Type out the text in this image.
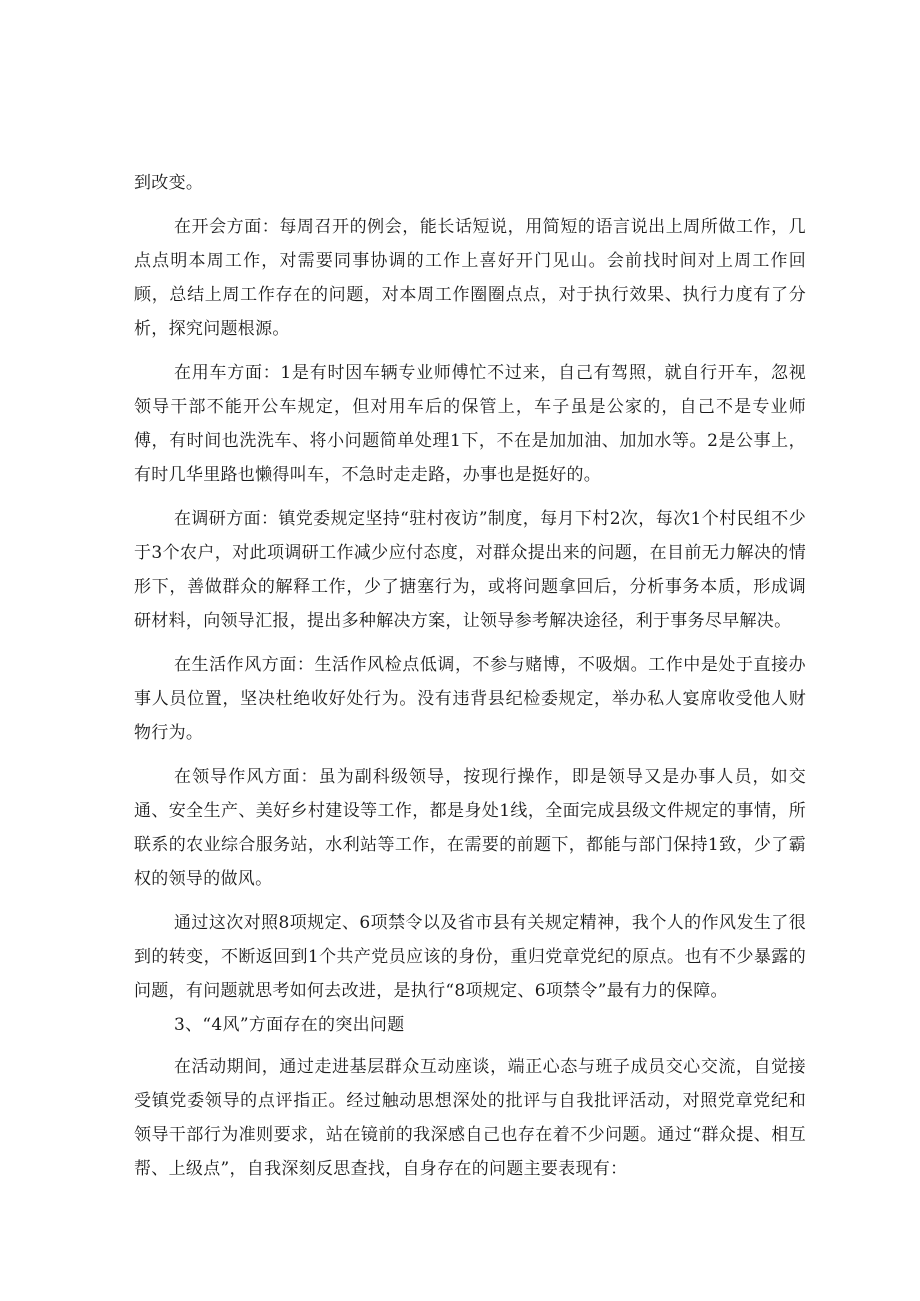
到改变。

在开会方面：每周召开的例会，能长话短说，用简短的语言说出上周所做工作，几点点明本周工作，对需要同事协调的工作上喜好开门见山。会前找时间对上周工作回顾，总结上周工作存在的问题，对本周工作圈圈点点，对于执行效果、执行力度有了分析，探究问题根源。

在用车方面：1是有时因车辆专业师傅忙不过来，自己有驾照，就自行开车，忽视领导干部不能开公车规定，但对用车后的保管上，车子虽是公家的，自己不是专业师傅，有时间也洗洗车、将小问题简单处理1下，不在是加加油、加加水等。2是公事上，有时几华里路也懒得叫车，不急时走走路，办事也是挺好的。

在调研方面：镇党委规定坚持“驻村夜访”制度，每月下村2次，每次1个村民组不少于3个农户，对此项调研工作减少应付态度，对群众提出来的问题，在目前无力解决的情形下，善做群众的解释工作，少了搪塞行为，或将问题拿回后，分析事务本质，形成调研材料，向领导汇报，提出多种解决方案，让领导参考解决途径，利于事务尽早解决。

在生活作风方面：生活作风检点低调，不参与赌博，不吸烟。工作中是处于直接办事人员位置，坚决杜绝收好处行为。没有违背县纪检委规定，举办私人宴席收受他人财物行为。

在领导作风方面：虽为副科级领导，按现行操作，即是领导又是办事人员，如交通、安全生产、美好乡村建设等工作，都是身处1线，全面完成县级文件规定的事情，所联系的农业综合服务站，水利站等工作，在需要的前题下，都能与部门保持1致，少了霸权的领导的做风。

通过这次对照8项规定、6项禁令以及省市县有关规定精神，我个人的作风发生了很到的转变，不断返回到1个共产党员应该的身份，重归党章党纪的原点。也有不少暴露的问题，有问题就思考如何去改进，是执行“8项规定、6项禁令”最有力的保障。

3、“4风”方面存在的突出问题

在活动期间，通过走进基层群众互动座谈，端正心态与班子成员交心交流，自觉接受镇党委领导的点评指正。经过触动思想深处的批评与自我批评活动，对照党章党纪和领导干部行为准则要求，站在镜前的我深感自己也存在着不少问题。通过“群众提、相互帮、上级点”，自我深刻反思查找，自身存在的问题主要表现有：
